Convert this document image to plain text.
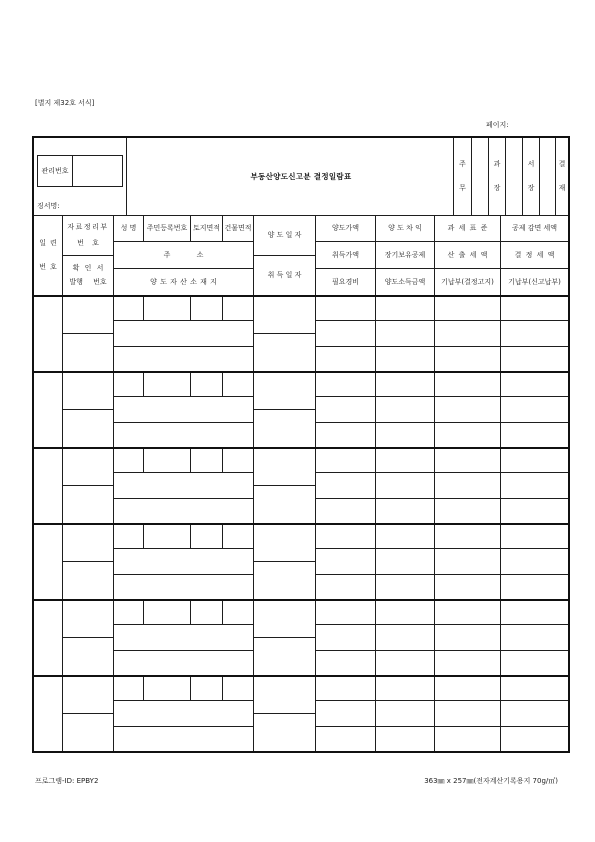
[별지 제32호 서식]
페이지:
관리번호
징서명:
부동산양도신고분 결정일람표
주
무
과
장
서
장
결
재
일련
번호
자료정리부
번 호
확 인 서
발행 번호
성 명 주민등록번호 토지면적 건물면적
주 소
양 도 자 산 소 재 지
양 도 일 자
취 득 일 자
양도가액
취득가액
필요경비
양 도 차 익
장기보유공제
양도소득금액
과 세 표 준
산 출 세 액
기납부(결정고지)
공제 감면 세액
결 정 세 액
기납부(신고납부)
프로그램-ID: EPBY2	363㎜ x 257㎜(전자계산기록용지 70g/㎡)
